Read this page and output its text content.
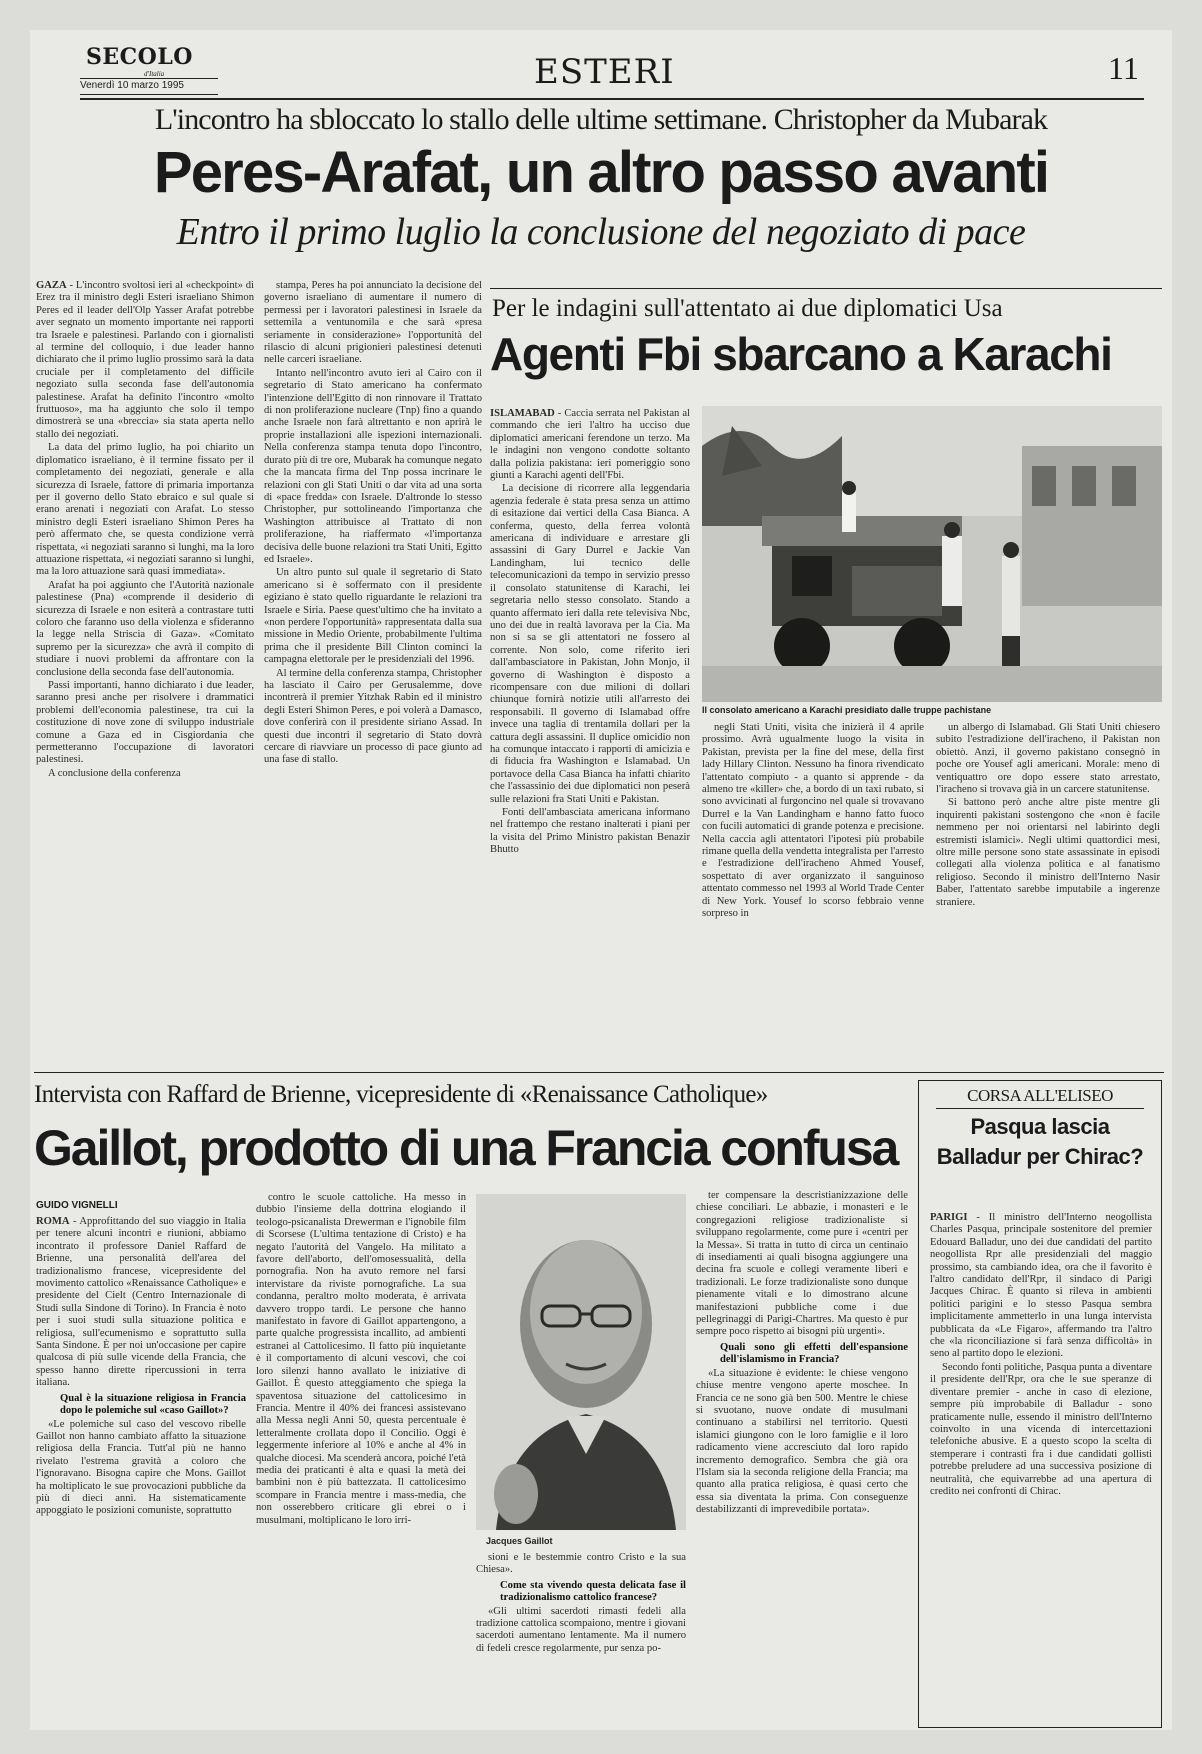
SECOLO
d'Italia
Venerdì 10 marzo 1995	ESTERI	11
L'incontro ha sbloccato lo stallo delle ultime settimane. Christopher da Mubarak
Peres-Arafat, un altro passo avanti
Entro il primo luglio la conclusione del negoziato di pace

GAZA - L'incontro svoltosi ieri al «checkpoint» di Erez tra il ministro degli Esteri israeliano Shimon Peres ed il leader dell'Olp Yasser Arafat potrebbe aver segnato un momento importante nei rapporti tra Israele e palestinesi. Parlando con i giornalisti al termine del colloquio, i due leader hanno dichiarato che il primo luglio prossimo sarà la data cruciale per il completamento del difficile negoziato sulla seconda fase dell'autonomia palestinese. Arafat ha definito l'incontro «molto fruttuoso», ma ha aggiunto che solo il tempo dimostrerà se una «breccia» sia stata aperta nello stallo dei negoziati.

La data del primo luglio, ha poi chiarito un diplomatico israeliano, è il termine fissato per il completamento dei negoziati, generale e alla sicurezza di Israele, fattore di primaria importanza per il governo dello Stato ebraico e sul quale si erano arenati i negoziati con Arafat. Lo stesso ministro degli Esteri israeliano Shimon Peres ha però affermato che, se questa condizione verrà rispettata, «i negoziati saranno sì lunghi, ma la loro attuazione rispettata, «i negoziati saranno sì lunghi, ma la loro attuazione sarà quasi immediata».

Arafat ha poi aggiunto che l'Autorità nazionale palestinese (Pna) «comprende il desiderio di sicurezza di Israele e non esiterà a contrastare tutti coloro che faranno uso della violenza e sfideranno la legge nella Striscia di Gaza». «Comitato supremo per la sicurezza» che avrà il compito di studiare i nuovi problemi da affrontare con la conclusione della seconda fase dell'autonomia.

Passi importanti, hanno dichiarato i due leader, saranno presi anche per risolvere i drammatici problemi dell'economia palestinese, tra cui la costituzione di nove zone di sviluppo industriale comune a Gaza ed in Cisgiordania che permetteranno l'occupazione di lavoratori palestinesi.

A conclusione della conferenza

stampa, Peres ha poi annunciato la decisione del governo israeliano di aumentare il numero di permessi per i lavoratori palestinesi in Israele da settemila a ventunomila e che sarà «presa seriamente in considerazione» l'opportunità del rilascio di alcuni prigionieri palestinesi detenuti nelle carceri israeliane.

Intanto nell'incontro avuto ieri al Cairo con il segretario di Stato americano ha confermato l'intenzione dell'Egitto di non rinnovare il Trattato di non proliferazione nucleare (Tnp) fino a quando anche Israele non farà altrettanto e non aprirà le proprie installazioni alle ispezioni internazionali. Nella conferenza stampa tenuta dopo l'incontro, durato più di tre ore, Mubarak ha comunque negato che la mancata firma del Tnp possa incrinare le relazioni con gli Stati Uniti o dar vita ad una sorta di «pace fredda» con Israele. D'altronde lo stesso Christopher, pur sottolineando l'importanza che Washington attribuisce al Trattato di non proliferazione, ha riaffermato «l'importanza decisiva delle buone relazioni tra Stati Uniti, Egitto ed Israele».

Un altro punto sul quale il segretario di Stato americano si è soffermato con il presidente egiziano è stato quello riguardante le relazioni tra Israele e Siria. Paese quest'ultimo che ha invitato a «non perdere l'opportunità» rappresentata dalla sua missione in Medio Oriente, probabilmente l'ultima prima che il presidente Bill Clinton cominci la campagna elettorale per le presidenziali del 1996.

Al termine della conferenza stampa, Christopher ha lasciato il Cairo per Gerusalemme, dove incontrerà il premier Yitzhak Rabin ed il ministro degli Esteri Shimon Peres, e poi volerà a Damasco, dove conferirà con il presidente siriano Assad. In questi due incontri il segretario di Stato dovrà cercare di riavviare un processo di pace giunto ad una fase di stallo.

Per le indagini sull'attentato ai due diplomatici Usa
Agenti Fbi sbarcano a Karachi

ISLAMABAD - Caccia serrata nel Pakistan al commando che ieri l'altro ha ucciso due diplomatici americani ferendone un terzo. Ma le indagini non vengono condotte soltanto dalla polizia pakistana: ieri pomeriggio sono giunti a Karachi agenti dell'Fbi.

La decisione di ricorrere alla leggendaria agenzia federale è stata presa senza un attimo di esitazione dai vertici della Casa Bianca. A conferma, questo, della ferrea volontà americana di individuare e arrestare gli assassini di Gary Durrel e Jackie Van Landingham, lui tecnico delle telecomunicazioni da tempo in servizio presso il consolato statunitense di Karachi, lei segretaria nello stesso consolato. Stando a quanto affermato ieri dalla rete televisiva Nbc, uno dei due in realtà lavorava per la Cia. Ma non si sa se gli attentatori ne fossero al corrente. Non solo, come riferito ieri dall'ambasciatore in Pakistan, John Monjo, il governo di Washington è disposto a ricompensare con due milioni di dollari chiunque fornirà notizie utili all'arresto dei responsabili. Il governo di Islamabad offre invece una taglia di trentamila dollari per la cattura degli assassini. Il duplice omicidio non ha comunque intaccato i rapporti di amicizia e di fiducia fra Washington e Islamabad. Un portavoce della Casa Bianca ha infatti chiarito che l'assassinio dei due diplomatici non peserà sulle relazioni fra Stati Uniti e Pakistan.

Fonti dell'ambasciata americana informano nel frattempo che restano inalterati i piani per la visita del Primo Ministro pakistan Benazir Bhutto

Il consolato americano a Karachi presidiato dalle truppe pachistane

negli Stati Uniti, visita che inizierà il 4 aprile prossimo. Avrà ugualmente luogo la visita in Pakistan, prevista per la fine del mese, della first lady Hillary Clinton. Nessuno ha finora rivendicato l'attentato compiuto - a quanto si apprende - da almeno tre «killer» che, a bordo di un taxi rubato, si sono avvicinati al furgoncino nel quale si trovavano Durrel e la Van Landingham e hanno fatto fuoco con fucili automatici di grande potenza e precisione. Nella caccia agli attentatori l'ipotesi più probabile rimane quella della vendetta integralista per l'arresto e l'estradizione dell'iracheno Ahmed Yousef, sospettato di aver organizzato il sanguinoso attentato commesso nel 1993 al World Trade Center di New York. Yousef lo scorso febbraio venne sorpreso in

un albergo di Islamabad. Gli Stati Uniti chiesero subito l'estradizione dell'iracheno, il Pakistan non obiettò. Anzi, il governo pakistano consegnò in poche ore Yousef agli americani. Morale: meno di ventiquattro ore dopo essere stato arrestato, l'iracheno si trovava già in un carcere statunitense.

Si battono però anche altre piste mentre gli inquirenti pakistani sostengono che «non è facile nemmeno per noi orientarsi nel labirinto degli estremisti islamici». Negli ultimi quattordici mesi, oltre mille persone sono state assassinate in episodi collegati alla violenza politica e al fanatismo religioso. Secondo il ministro dell'Interno Nasir Baber, l'attentato sarebbe imputabile a ingerenze straniere.

Intervista con Raffard de Brienne, vicepresidente di «Renaissance Catholique»
Gaillot, prodotto di una Francia confusa
GUIDO VIGNELLI

ROMA - Approfittando del suo viaggio in Italia per tenere alcuni incontri e riunioni, abbiamo incontrato il professore Daniel Raffard de Brienne, una personalità dell'area del tradizionalismo francese, vicepresidente del movimento cattolico «Renaissance Catholique» e presidente del Cielt (Centro Internazionale di Studi sulla Sindone di Torino). In Francia è noto per i suoi studi sulla situazione politica e religiosa, sull'ecumenismo e soprattutto sulla Santa Sindone. È per noi un'occasione per capire qualcosa di più sulle vicende della Francia, che spesso hanno dirette ripercussioni in terra italiana.

Qual è la situazione religiosa in Francia dopo le polemiche sul «caso Gaillot»?

«Le polemiche sul caso del vescovo ribelle Gaillot non hanno cambiato affatto la situazione religiosa della Francia. Tutt'al più ne hanno rivelato l'estrema gravità a coloro che l'ignoravano. Bisogna capire che Mons. Gaillot ha moltiplicato le sue provocazioni pubbliche da più di dieci anni. Ha sistematicamente appoggiato le posizioni comuniste, soprattutto

contro le scuole cattoliche. Ha messo in dubbio l'insieme della dottrina elogiando il teologo-psicanalista Drewerman e l'ignobile film di Scorsese (L'ultima tentazione di Cristo) e ha negato l'autorità del Vangelo. Ha militato a favore dell'aborto, dell'omosessualità, della pornografia. Non ha avuto remore nel farsi intervistare da riviste pornografiche. La sua condanna, peraltro molto moderata, è arrivata davvero troppo tardi. Le persone che hanno manifestato in favore di Gaillot appartengono, a parte qualche progressista incallito, ad ambienti estranei al Cattolicesimo. Il fatto più inquietante è il comportamento di alcuni vescovi, che coi loro silenzi hanno avallato le iniziative di Gaillot. È questo atteggiamento che spiega la spaventosa situazione del cattolicesimo in Francia. Mentre il 40% dei francesi assistevano alla Messa negli Anni 50, questa percentuale è letteralmente crollata dopo il Concilio. Oggi è leggermente inferiore al 10% e anche al 4% in qualche diocesi. Ma scenderà ancora, poiché l'età media dei praticanti è alta e quasi la metà dei bambini non è più battezzata. Il cattolicesimo scompare in Francia mentre i mass-media, che non osserebbero criticare gli ebrei o i musulmani, moltiplicano le loro irri-

Jacques Gaillot

sioni e le bestemmie contro Cristo e la sua Chiesa».

Come sta vivendo questa delicata fase il tradizionalismo cattolico francese?

«Gli ultimi sacerdoti rimasti fedeli alla tradizione cattolica scompaiono, mentre i giovani sacerdoti aumentano lentamente. Ma il numero di fedeli cresce regolarmente, pur senza po-

ter compensare la descristianizzazione delle chiese conciliari. Le abbazie, i monasteri e le congregazioni religiose tradizionaliste si sviluppano regolarmente, come pure i «centri per la Messa». Si tratta in tutto di circa un centinaio di insediamenti ai quali bisogna aggiungere una decina fra scuole e collegi veramente liberi e tradizionali. Le forze tradizionaliste sono dunque pienamente vitali e lo dimostrano alcune manifestazioni pubbliche come i due pellegrinaggi di Parigi-Chartres. Ma questo è pur sempre poco rispetto ai bisogni più urgenti».

Quali sono gli effetti dell'espansione dell'islamismo in Francia?

«La situazione è evidente: le chiese vengono chiuse mentre vengono aperte moschee. In Francia ce ne sono già ben 500. Mentre le chiese si svuotano, nuove ondate di musulmani continuano a stabilirsi nel territorio. Questi islamici giungono con le loro famiglie e il loro radicamento viene accresciuto dal loro rapido incremento demografico. Sembra che già ora l'Islam sia la seconda religione della Francia; ma quanto alla pratica religiosa, è quasi certo che essa sia diventata la prima. Con conseguenze destabilizzanti di imprevedibile portata».

CORSA ALL'ELISEO
Pasqua lascia Balladur per Chirac?

PARIGI - Il ministro dell'Interno neogollista Charles Pasqua, principale sostenitore del premier Edouard Balladur, uno dei due candidati del partito neogollista Rpr alle presidenziali del maggio prossimo, sta cambiando idea, ora che il favorito è l'altro candidato dell'Rpr, il sindaco di Parigi Jacques Chirac. È quanto si rileva in ambienti politici parigini e lo stesso Pasqua sembra implicitamente ammetterlo in una lunga intervista pubblicata da «Le Figaro», affermando tra l'altro che «la riconciliazione si farà senza difficoltà» in seno al partito dopo le elezioni.

Secondo fonti politiche, Pasqua punta a diventare il presidente dell'Rpr, ora che le sue speranze di diventare premier - anche in caso di elezione, sempre più improbabile di Balladur - sono praticamente nulle, essendo il ministro dell'Interno coinvolto in una vicenda di intercettazioni telefoniche abusive. E a questo scopo la scelta di stemperare i contrasti fra i due candidati gollisti potrebbe preludere ad una successiva posizione di neutralità, che equivarrebbe ad una apertura di credito nei confronti di Chirac.
